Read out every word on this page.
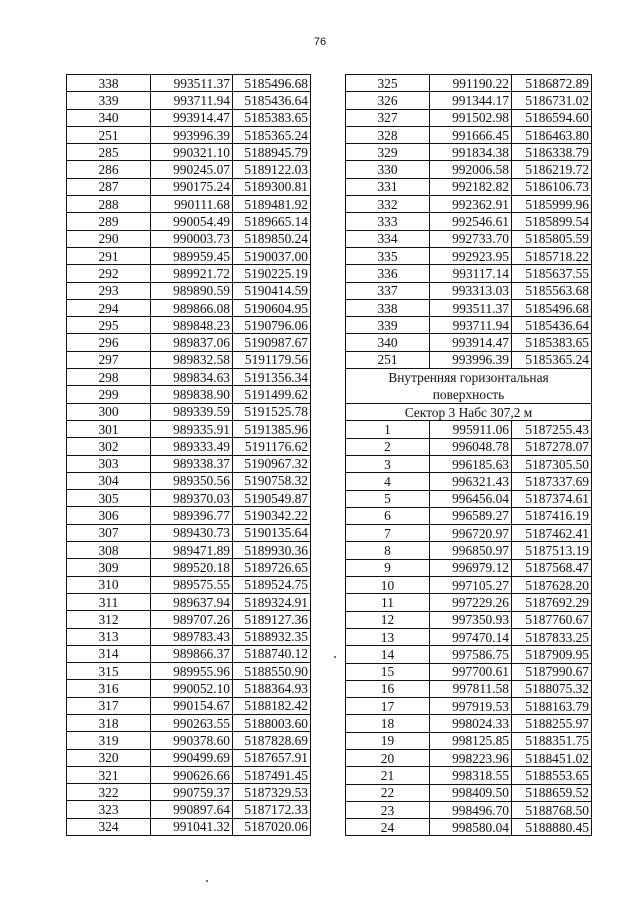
76
338	993511.37	5185496.68
339	993711.94	5185436.64
340	993914.47	5185383.65
251	993996.39	5185365.24
285	990321.10	5188945.79
286	990245.07	5189122.03
287	990175.24	5189300.81
288	990111.68	5189481.92
289	990054.49	5189665.14
290	990003.73	5189850.24
291	989959.45	5190037.00
292	989921.72	5190225.19
293	989890.59	5190414.59
294	989866.08	5190604.95
295	989848.23	5190796.06
296	989837.06	5190987.67
297	989832.58	5191179.56
298	989834.63	5191356.34
299	989838.90	5191499.62
300	989339.59	5191525.78
301	989335.91	5191385.96
302	989333.49	5191176.62
303	989338.37	5190967.32
304	989350.56	5190758.32
305	989370.03	5190549.87
306	989396.77	5190342.22
307	989430.73	5190135.64
308	989471.89	5189930.36
309	989520.18	5189726.65
310	989575.55	5189524.75
311	989637.94	5189324.91
312	989707.26	5189127.36
313	989783.43	5188932.35
314	989866.37	5188740.12
315	989955.96	5188550.90
316	990052.10	5188364.93
317	990154.67	5188182.42
318	990263.55	5188003.60
319	990378.60	5187828.69
320	990499.69	5187657.91
321	990626.66	5187491.45
322	990759.37	5187329.53
323	990897.64	5187172.33
324	991041.32	5187020.06
325	991190.22	5186872.89
326	991344.17	5186731.02
327	991502.98	5186594.60
328	991666.45	5186463.80
329	991834.38	5186338.79
330	992006.58	5186219.72
331	992182.82	5186106.73
332	992362.91	5185999.96
333	992546.61	5185899.54
334	992733.70	5185805.59
335	992923.95	5185718.22
336	993117.14	5185637.55
337	993313.03	5185563.68
338	993511.37	5185496.68
339	993711.94	5185436.64
340	993914.47	5185383.65
251	993996.39	5185365.24
Внутренняя горизонтальная
поверхность		
Сектор 3 Набс 307,2 м		
1	995911.06	5187255.43
2	996048.78	5187278.07
3	996185.63	5187305.50
4	996321.43	5187337.69
5	996456.04	5187374.61
6	996589.27	5187416.19
7	996720.97	5187462.41
8	996850.97	5187513.19
9	996979.12	5187568.47
10	997105.27	5187628.20
11	997229.26	5187692.29
12	997350.93	5187760.67
13	997470.14	5187833.25
14	997586.75	5187909.95
15	997700.61	5187990.67
16	997811.58	5188075.32
17	997919.53	5188163.79
18	998024.33	5188255.97
19	998125.85	5188351.75
20	998223.96	5188451.02
21	998318.55	5188553.65
22	998409.50	5188659.52
23	998496.70	5188768.50
24	998580.04	5188880.45
